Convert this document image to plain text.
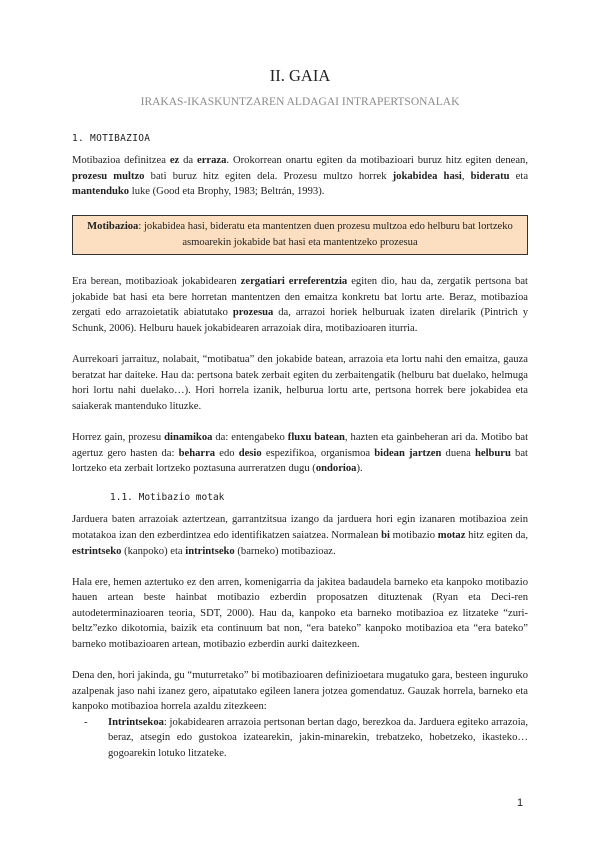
II. GAIA
IRAKAS-IKASKUNTZAREN ALDAGAI INTRAPERTSONALAK
1. MOTIBAZIOA

Motibazioa definitzea ez da erraza. Orokorrean onartu egiten da motibazioari buruz hitz egiten denean, prozesu multzo bati buruz hitz egiten dela. Prozesu multzo horrek jokabidea hasi, bideratu eta mantenduko luke (Good eta Brophy, 1983; Beltrán, 1993).

Motibazioa: jokabidea hasi, bideratu eta mantentzen duen prozesu multzoa edo helburu bat lortzeko asmoarekin jokabide bat hasi eta mantentzeko prozesua

Era berean, motibazioak jokabidearen zergatiari erreferentzia egiten dio, hau da, zergatik pertsona bat jokabide bat hasi eta bere horretan mantentzen den emaitza konkretu bat lortu arte. Beraz, motibazioa zergati edo arrazoietatik abiatutako prozesua da, arrazoi horiek helburuak izaten direlarik (Pintrich y Schunk, 2006). Helburu hauek jokabidearen arrazoiak dira, motibazioaren iturria.

Aurrekoari jarraituz, nolabait, “motibatua” den jokabide batean, arrazoia eta lortu nahi den emaitza, gauza beratzat har daiteke. Hau da: pertsona batek zerbait egiten du zerbaitengatik (helburu bat duelako, helmuga hori lortu nahi duelako…). Hori horrela izanik, helburua lortu arte, pertsona horrek bere jokabidea eta saiakerak mantenduko lituzke.

Horrez gain, prozesu dinamikoa da: entengabeko fluxu batean, hazten eta gainbeheran ari da. Motibo bat agertuz gero hasten da: beharra edo desio espezifikoa, organismoa bidean jartzen duena helburu bat lortzeko eta zerbait lortzeko poztasuna aurreratzen dugu (ondorioa).

1.1. Motibazio motak

Jarduera baten arrazoiak aztertzean, garrantzitsua izango da jarduera hori egin izanaren motibazioa zein motatakoa izan den ezberdintzea edo identifikatzen saiatzea. Normalean bi motibazio motaz hitz egiten da, estrintseko (kanpoko) eta intrintseko (barneko) motibazioaz.

Hala ere, hemen aztertuko ez den arren, komenigarria da jakitea badaudela barneko eta kanpoko motibazio hauen artean beste hainbat motibazio ezberdin proposatzen dituztenak (Ryan eta Deci-ren autodeterminazioaren teoria, SDT, 2000). Hau da, kanpoko eta barneko motibazioa ez litzateke “zuri-beltz”ezko dikotomia, baizik eta continuum bat non, “era bateko” kanpoko motibazioa eta “era bateko” barneko motibazioaren artean, motibazio ezberdin aurki daitezkeen.

Dena den, hori jakinda, gu “muturretako” bi motibazioaren definizioetara mugatuko gara, besteen inguruko azalpenak jaso nahi izanez gero, aipatutako egileen lanera jotzea gomendatuz. Gauzak horrela, barneko eta kanpoko motibazioa horrela azaldu zitezkeen:

- Intrintsekoa: jokabidearen arrazoia pertsonan bertan dago, berezkoa da. Jarduera egiteko arrazoia, beraz, atsegin edo gustokoa izatearekin, jakin-minarekin, trebatzeko, hobetzeko, ikasteko… gogoarekin lotuko litzateke.
1
